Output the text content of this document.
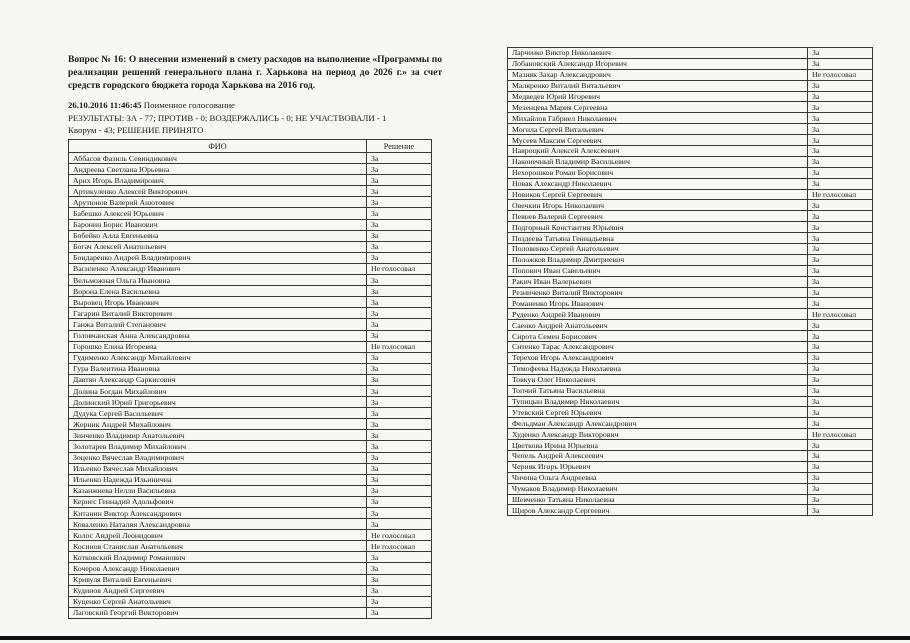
Вопрос № 16: О внесении изменений в смету расходов на выполнение «Программы по реализации решений генерального плана г. Харькова на период до 2026 г.» за счет средств городского бюджета города Харькова на 2016 год.
26.10.2016 11:46:45 Поименное голосование
РЕЗУЛЬТАТЫ: ЗА - 77; ПРОТИВ - 0; ВОЗДЕРЖАЛИСЬ - 0; НЕ УЧАСТВОВАЛИ - 1
Кворум - 43; РЕШЕНИЕ ПРИНЯТО
ФИО	Решение
Аббасов Фазиль Севиндикович	За
Андреева Светлана Юрьевна	За
Арих Игорь Владимирович	За
Артикуленко Алексей Викторович	За
Арутюнов Валерий Ашотович	За
Бабешко Алексей Юрьевич	За
Баронин Борис Иванович	За
Бобейко Алла Евгеньевна	За
Богач Алексей Анатольевич	За
Бондаренко Андрей Владимирович	За
Василенко Александр Иванович	Не голосовал
Вельможная Ольга Ивановна	За
Ворона Елена Васильевна	За
Выровец Игорь Иванович	За
Гагарин Виталий Викторович	За
Ганжа Виталий Степанович	За
Головчанская Анна Александровна	За
Горошко Елена Игоревна	Не голосовал
Гудименко Александр Михайлович	За
Гура Валентина Ивановна	За
Давтян Александр Саркисович	За
Долина Богдан Михайлович	За
Долинский Юрий Григорьевич	За
Дудука Сергей Васильевич	За
Жорник Андрей Михайлович	За
Зинченко Владимир Анатольевич	За
Золотарев Владимир Михайлович	За
Зоценко Вячеслав Владимирович	За
Ильенко Вячеслав Михайлович	За
Ильенко Надежда Ильинична	За
Казанжиева Нелли Васильевна	За
Кернес Геннадий Адольфович	За
Китанин Виктор Александрович	За
Коваленко Наталия Александровна	За
Колос Андрей Леонидович	Не голосовал
Косинов Станислав Анатольевич	Не голосовал
Котковский Владимир Романович	За
Кочеров Александр Николаевич	За
Кривуля Виталий Евгеньевич	За
Кудинов Андрей Сергеевич	За
Куценко Сергей Анатольевич	За
Лаговский Георгий Викторович	За
Ларченко Виктор Николаевич	За
Лобановский Александр Игоревич	За
Мазняк Захар Александрович	Не голосовал
Маляренко Виталий Витальевич	За
Медведев Юрий Игоревич	За
Мезенцева Мария Сергеевна	За
Михайлов Габриел Николаевич	За
Могила Сергей Витальевич	За
Мусеев Максим Сергеевич	За
Навроцкий Алексей Алексеевич	За
Наконечный Владимир Васильевич	За
Нехорошков Роман Борисович	За
Новак Александр Николаевич	За
Новиков Сергей Сергеевич	Не голосовал
Овечкин Игорь Николаевич	За
Певнев Валерий Сергеевич	За
Подгорный Константин Юрьевич	За
Поздеева Татьяна Геннадьевна	За
Половинко Сергей Анатольевич	За
Положков Владимир Дмитриевич	За
Попович Иван Савельевич	За
Ракич Иван Валерьевич	За
Резниченко Виталий Викторович	За
Романенко Игорь Иванович	За
Руденко Андрей Иванович	Не голосовал
Саенко Андрей Анатольевич	За
Сирота Семен Борисович	За
Ситенко Тарас Александрович	За
Терехов Игорь Александрович	За
Тимофеева Надежда Николаевна	За
Товкун Олег Николаевич	За
Топчий Татьяна Васильевна	За
Тупицын Владимир Николаевич	За
Утевский Сергей Юрьевич	За
Фельдман Александр Александрович	За
Худенко Александр Викторович	Не голосовал
Цветкова Ирина Юрьевна	За
Чепель Андрей Алексеевич	За
Черняк Игорь Юрьевич	За
Чичина Ольга Андреевна	За
Чумаков Владимир Николаевич	За
Шевченко Татьяна Николаевна	За
Щиров Александр Сергеевич	За
